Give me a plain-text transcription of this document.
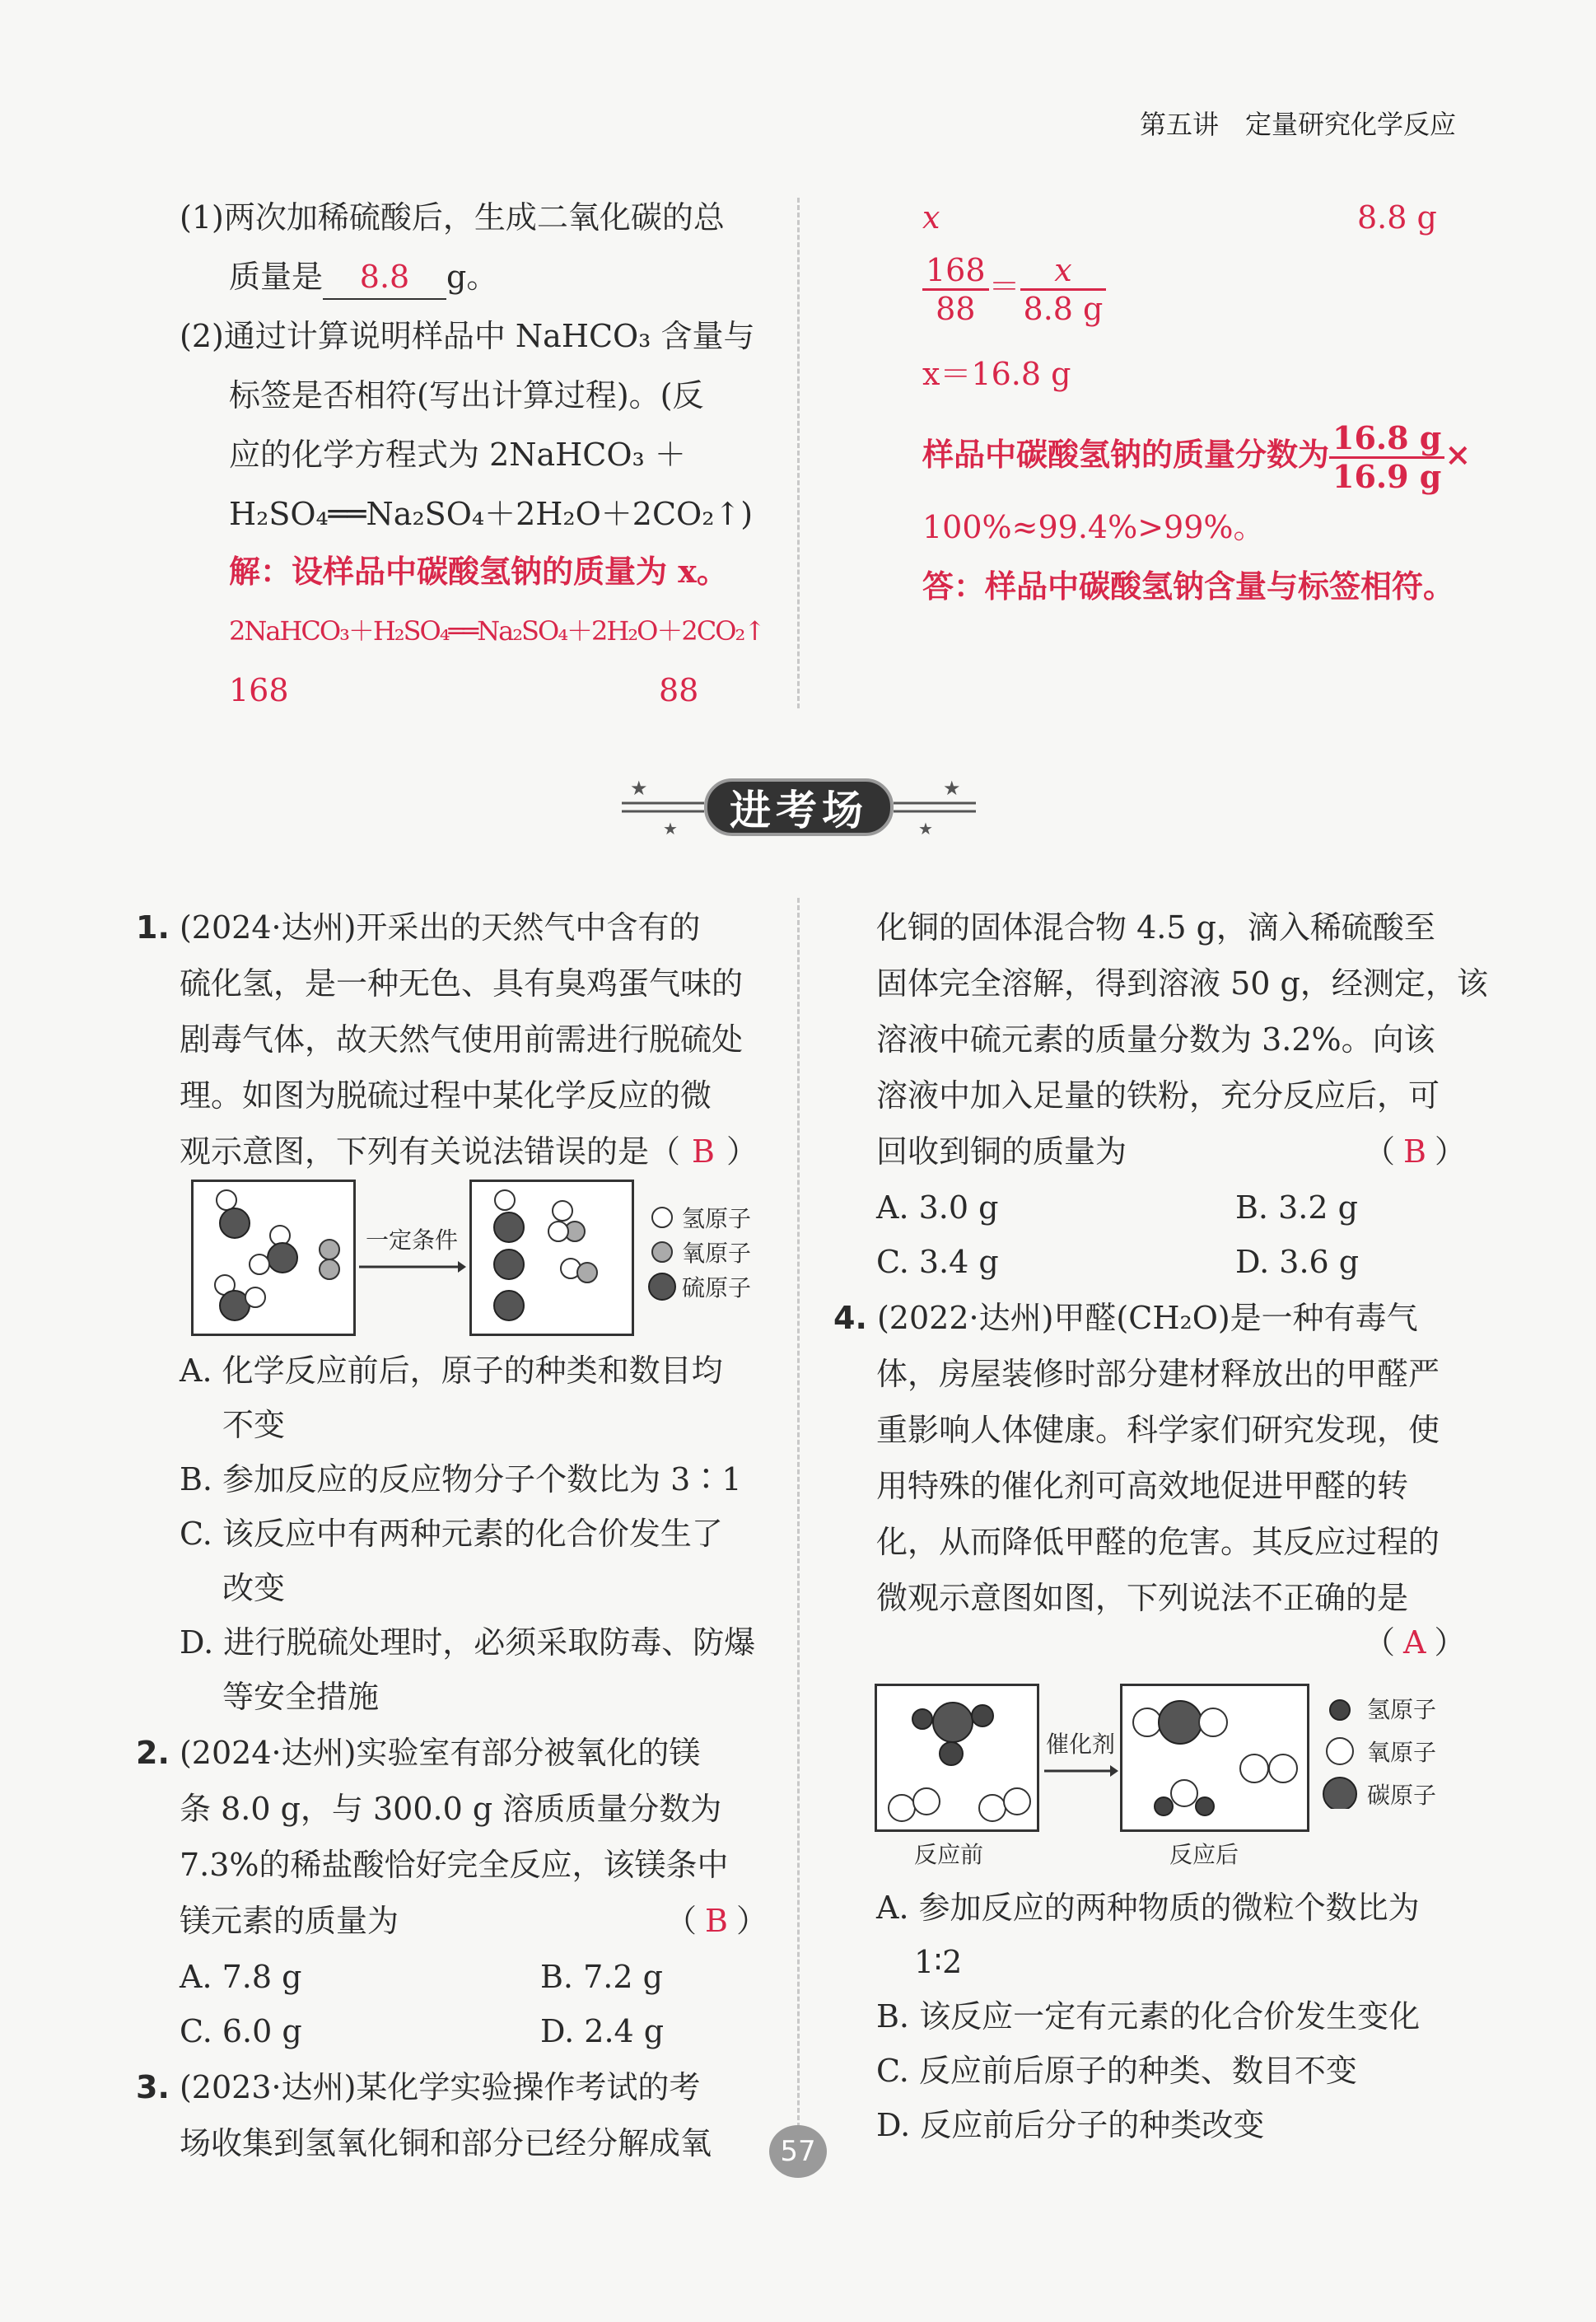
第五讲　定量研究化学反应
(1)两次加稀硫酸后，生成二氧化碳的总
质量是 8.8 g。
(2)通过计算说明样品中 NaHCO₃ 含量与
标签是否相符(写出计算过程)。(反
应的化学方程式为 2NaHCO₃ ＋
H₂SO₄══Na₂SO₄＋2H₂O＋2CO₂↑)
解：设样品中碳酸氢钠的质量为 x。
2NaHCO₃＋H₂SO₄══Na₂SO₄＋2H₂O＋2CO₂↑
168	88
x	8.8 g
$\frac{168}{88} = \frac{x}{8.8 g}$
x＝16.8 g
样品中碳酸氢钠的质量分数为 $\frac{16.8 g}{16.9 g}$ ×
100%≈99.4%>99%。
答：样品中碳酸氢钠含量与标签相符。
★
★
★
★
进考场
1. (2024·达州)开采出的天然气中含有的
硫化氢，是一种无色、具有臭鸡蛋气味的
剧毒气体，故天然气使用前需进行脱硫处
理。如图为脱硫过程中某化学反应的微
观示意图，下列有关说法错误的是（ B ）
一定条件
氢原子
氧原子
硫原子
A. 化学反应前后，原子的种类和数目均
不变
B. 参加反应的反应物分子个数比为 3∶1
C. 该反应中有两种元素的化合价发生了
改变
D. 进行脱硫处理时，必须采取防毒、防爆
等安全措施
2. (2024·达州)实验室有部分被氧化的镁
条 8.0 g，与 300.0 g 溶质质量分数为
7.3%的稀盐酸恰好完全反应，该镁条中
镁元素的质量为	（ B ）
A. 7.8 g	B. 7.2 g
C. 6.0 g	D. 2.4 g
3. (2023·达州)某化学实验操作考试的考
场收集到氢氧化铜和部分已经分解成氧
化铜的固体混合物 4.5 g，滴入稀硫酸至
固体完全溶解，得到溶液 50 g，经测定，该
溶液中硫元素的质量分数为 3.2%。向该
溶液中加入足量的铁粉，充分反应后，可
回收到铜的质量为	（ B ）
A. 3.0 g	B. 3.2 g
C. 3.4 g	D. 3.6 g
4. (2022·达州)甲醛(CH₂O)是一种有毒气
体，房屋装修时部分建材释放出的甲醛严
重影响人体健康。科学家们研究发现，使
用特殊的催化剂可高效地促进甲醛的转
化，从而降低甲醛的危害。其反应过程的
微观示意图如图，下列说法不正确的是
（ A ）
催化剂
反应前	反应后
氢原子
氧原子
碳原子
A. 参加反应的两种物质的微粒个数比为
1∶2
B. 该反应一定有元素的化合价发生变化
C. 反应前后原子的种类、数目不变
D. 反应前后分子的种类改变
57
